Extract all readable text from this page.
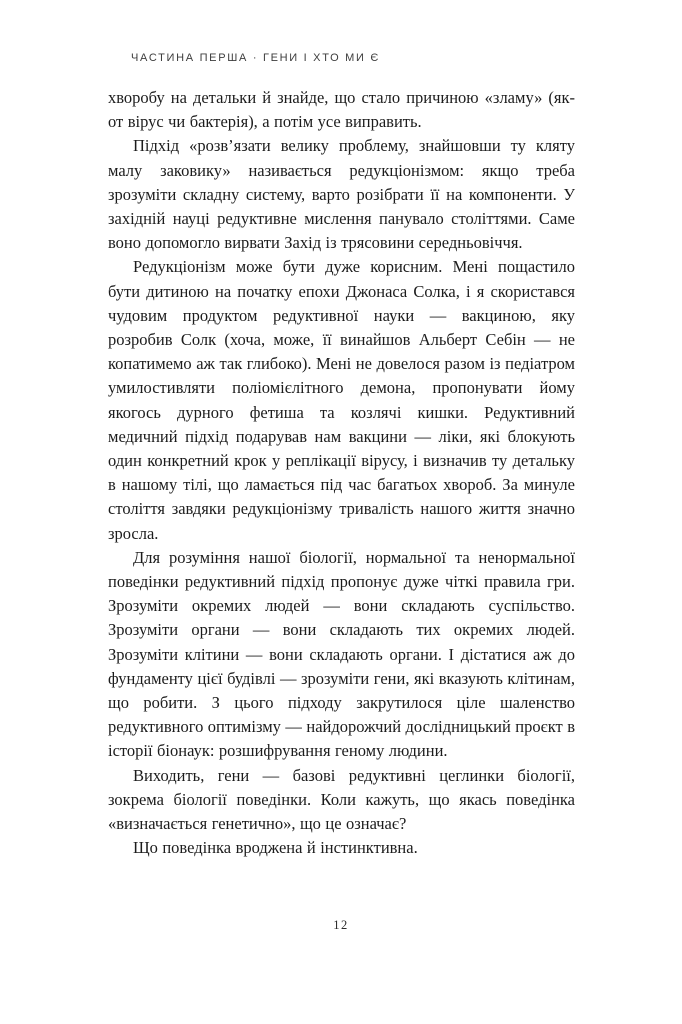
ЧАСТИНА ПЕРША · ГЕНИ І ХТО МИ Є

хворобу на детальки й знайде, що стало причиною «зламу» (як-от вірус чи бактерія), а потім усе виправить.

Підхід «розв’язати велику проблему, знайшовши ту кляту малу заковику» називається редукціонізмом: якщо треба зрозуміти складну систему, варто розібрати її на компоненти. У західній науці редуктивне мислення панувало століттями. Саме воно допомогло вирвати Захід із трясовини середньовіччя.

Редукціонізм може бути дуже корисним. Мені пощастило бути дитиною на початку епохи Джонаса Солка, і я скористався чудовим продуктом редуктивної науки — вакциною, яку розробив Солк (хоча, може, її винайшов Альберт Себін — не копатимемо аж так глибоко). Мені не довелося разом із педіатром умилостивляти поліомієлітного демона, пропонувати йому якогось дурного фетиша та козлячі кишки. Редуктивний медичний підхід подарував нам вакцини — ліки, які блокують один конкретний крок у реплікації вірусу, і визначив ту детальку в нашому тілі, що ламається під час багатьох хвороб. За минуле століття завдяки редукціонізму тривалість нашого життя значно зросла.

Для розуміння нашої біології, нормальної та ненормальної поведінки редуктивний підхід пропонує дуже чіткі правила гри. Зрозуміти окремих людей — вони складають суспільство. Зрозуміти органи — вони складають тих окремих людей. Зрозуміти клітини — вони складають органи. І дістатися аж до фундаменту цієї будівлі — зрозуміти гени, які вказують клітинам, що робити. З цього підходу закрутилося ціле шаленство редуктивного оптимізму — найдорожчий дослідницький проєкт в історії біонаук: розшифрування геному людини.

Виходить, гени — базові редуктивні цеглинки біології, зокрема біології поведінки. Коли кажуть, що якась поведінка «визначається генетично», що це означає?

Що поведінка вроджена й інстинктивна.

12
